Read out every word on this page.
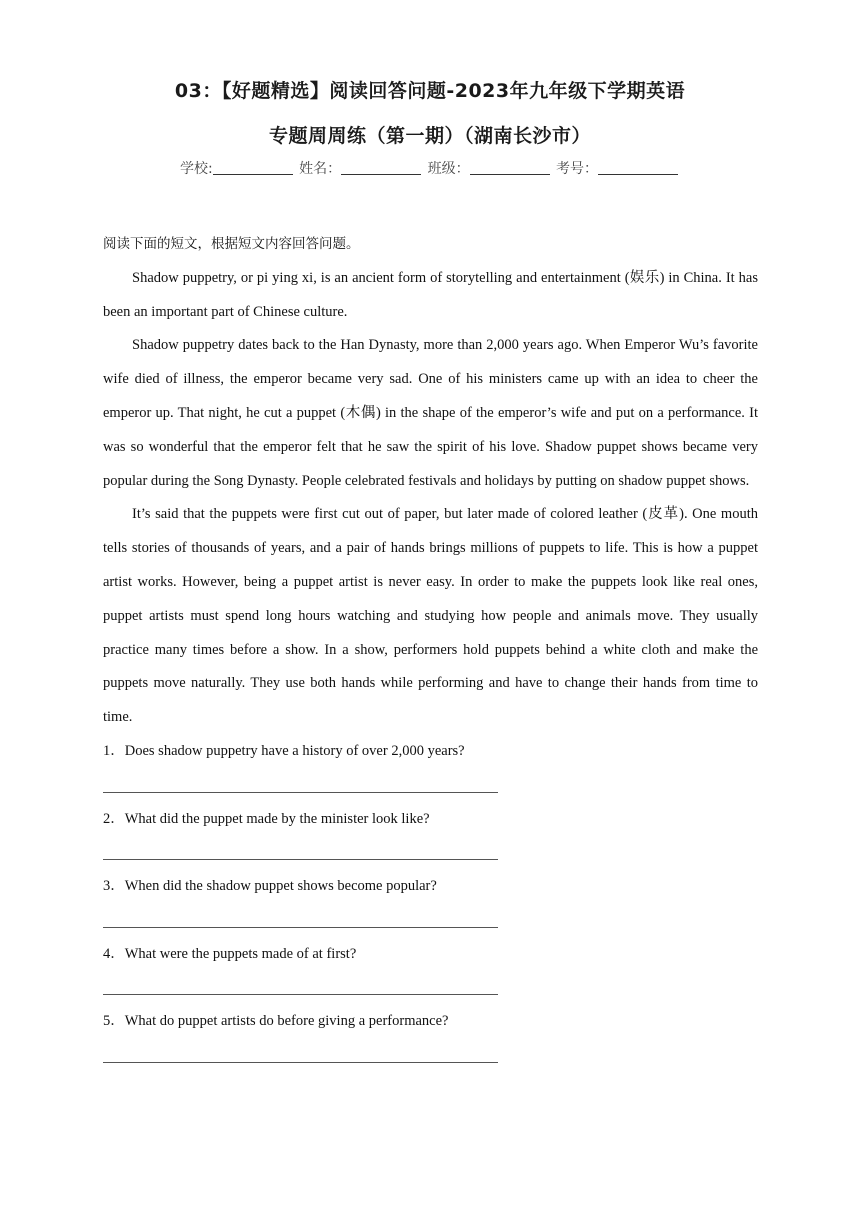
03：【好题精选】阅读回答问题-2023年九年级下学期英语
专题周周练（第一期）（湖南长沙市）
学校:	姓名：	班级：	考号：

阅读下面的短文，根据短文内容回答问题。

Shadow puppetry, or pi ying xi, is an ancient form of storytelling and entertainment (娱乐) in China. It has been an important part of Chinese culture.

Shadow puppetry dates back to the Han Dynasty, more than 2,000 years ago. When Emperor Wu’s favorite wife died of illness, the emperor became very sad. One of his ministers came up with an idea to cheer the emperor up. That night, he cut a puppet (木偶) in the shape of the emperor’s wife and put on a performance. It was so wonderful that the emperor felt that he saw the spirit of his love. Shadow puppet shows became very popular during the Song Dynasty. People celebrated festivals and holidays by putting on shadow puppet shows.

It’s said that the puppets were first cut out of paper, but later made of colored leather (皮革). One mouth tells stories of thousands of years, and a pair of hands brings millions of puppets to life. This is how a puppet artist works. However, being a puppet artist is never easy. In order to make the puppets look like real ones, puppet artists must spend long hours watching and studying how people and animals move. They usually practice many times before a show. In a show, performers hold puppets behind a white cloth and make the puppets move naturally. They use both hands while performing and have to change their hands from time to time.

1．Does shadow puppetry have a history of over 2,000 years?

2．What did the puppet made by the minister look like?

3．When did the shadow puppet shows become popular?

4．What were the puppets made of at first?

5．What do puppet artists do before giving a performance?
